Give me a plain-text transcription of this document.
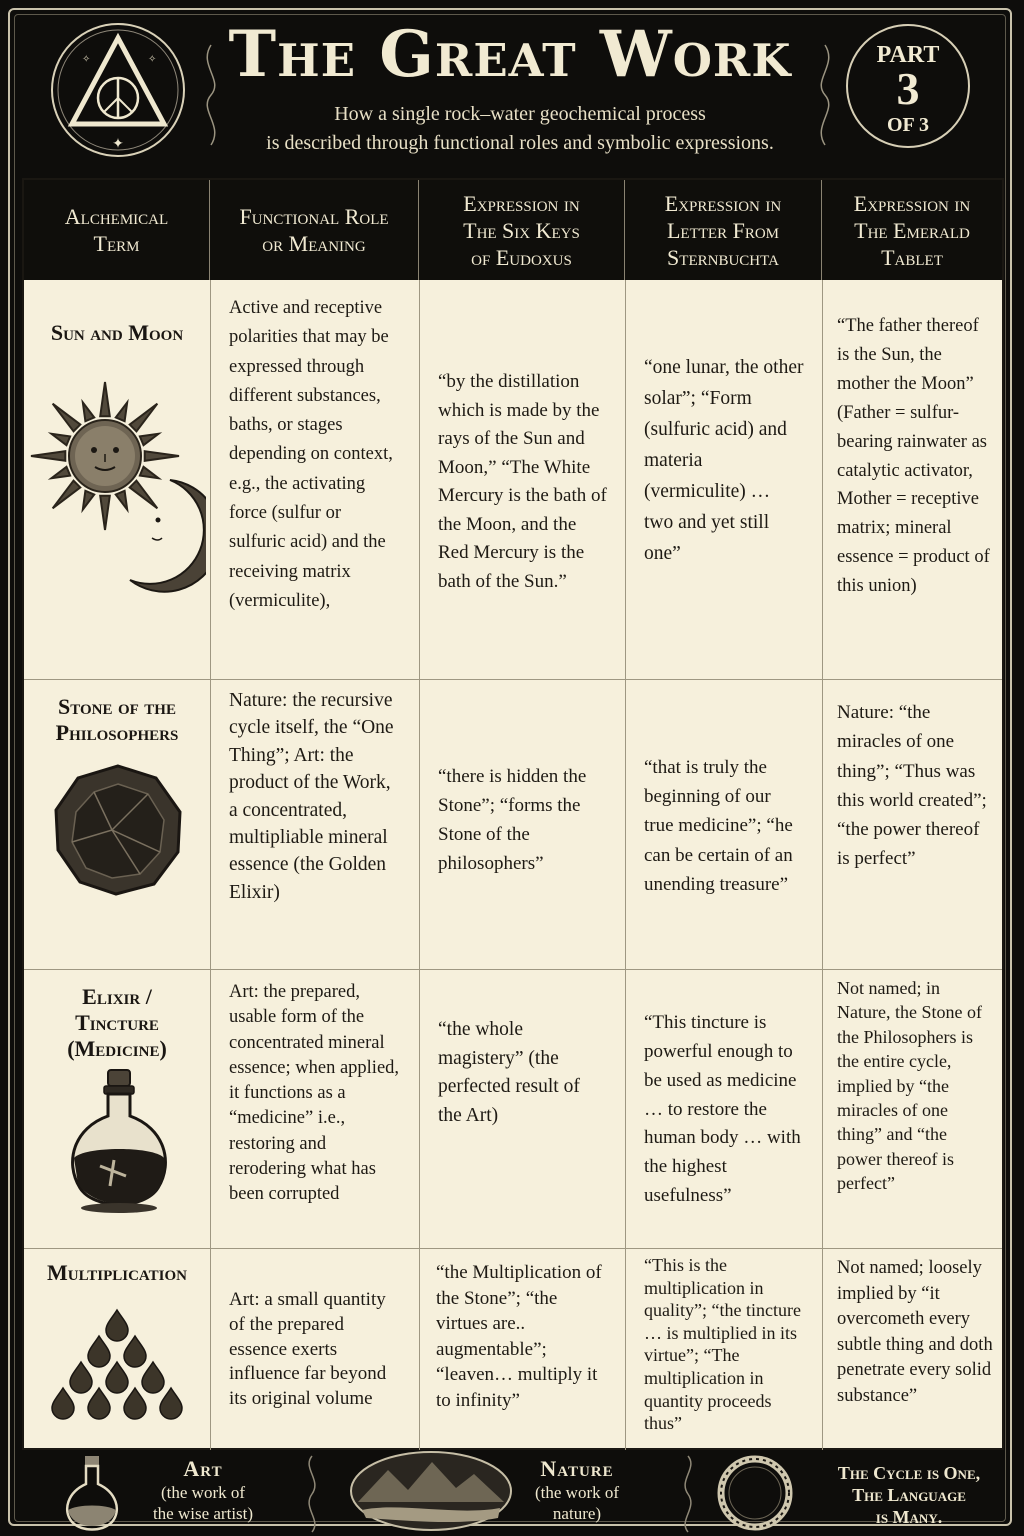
✦
✧	✧	The Great Work
How a single rock–water geochemical process
is described through functional roles and symbolic expressions.
PART
3
OF 3
Alchemical
Term
Functional Role
or Meaning
Expression in
The Six Keys
of Eudoxus
Expression in
Letter From
Sternbuchta
Expression in
The Emerald
Tablet
Sun and Moon
Active and receptive polarities that may be expressed through different substances, baths, or stages depending on context, e.g., the activating force (sulfur or sulfuric acid) and the receiving matrix (vermiculite),
“by the distillation which is made by the rays of the Sun and Moon,” “The White Mercury is the bath of the Moon, and the Red Mercury is the bath of the Sun.”
“one lunar, the other solar”; “Form (sulfuric acid) and materia (vermiculite) … two and yet still one”
“The father thereof is the Sun, the mother the Moon” (Father = sulfur-bearing rainwater as catalytic activator, Mother = receptive matrix; mineral essence = product of this union)
Stone of the
Philosophers
Nature: the recursive cycle itself, the “One Thing”; Art: the product of the Work, a concentrated, multipliable mineral essence (the Golden Elixir)
“there is hidden the Stone”; “forms the Stone of the philosophers”
“that is truly the beginning of our true medicine”; “he can be certain of an unending treasure”
Nature: “the miracles of one thing”; “Thus was this world created”; “the power thereof is perfect”
Elixir /
Tincture
(Medicine)
Art: the prepared, usable form of the concentrated mineral essence; when applied, it functions as a “medicine” i.e., restoring and rerodering what has been corrupted
“the whole magistery” (the perfected result of the Art)
“This tincture is powerful enough to be used as medicine … to restore the human body … with the highest usefulness”
Not named; in Nature, the Stone of the Philosophers is the entire cycle, implied by “the miracles of one thing” and “the power thereof is perfect”
Multiplication
Art: a small quantity of the prepared essence exerts influence far beyond its original volume
“the Multiplication of the Stone”; “the virtues are.. augmentable”; “leaven… multiply it to infinity”
“This is the multiplication in quality”; “the tincture … is multiplied in its virtue”; “The multiplication in quantity proceeds thus”
Not named; loosely implied by “it overcometh every subtle thing and doth penetrate every solid substance”
Art
(the work of
the wise artist)
Nature
(the work of
nature)
The Cycle is One,
The Language
is Many.
